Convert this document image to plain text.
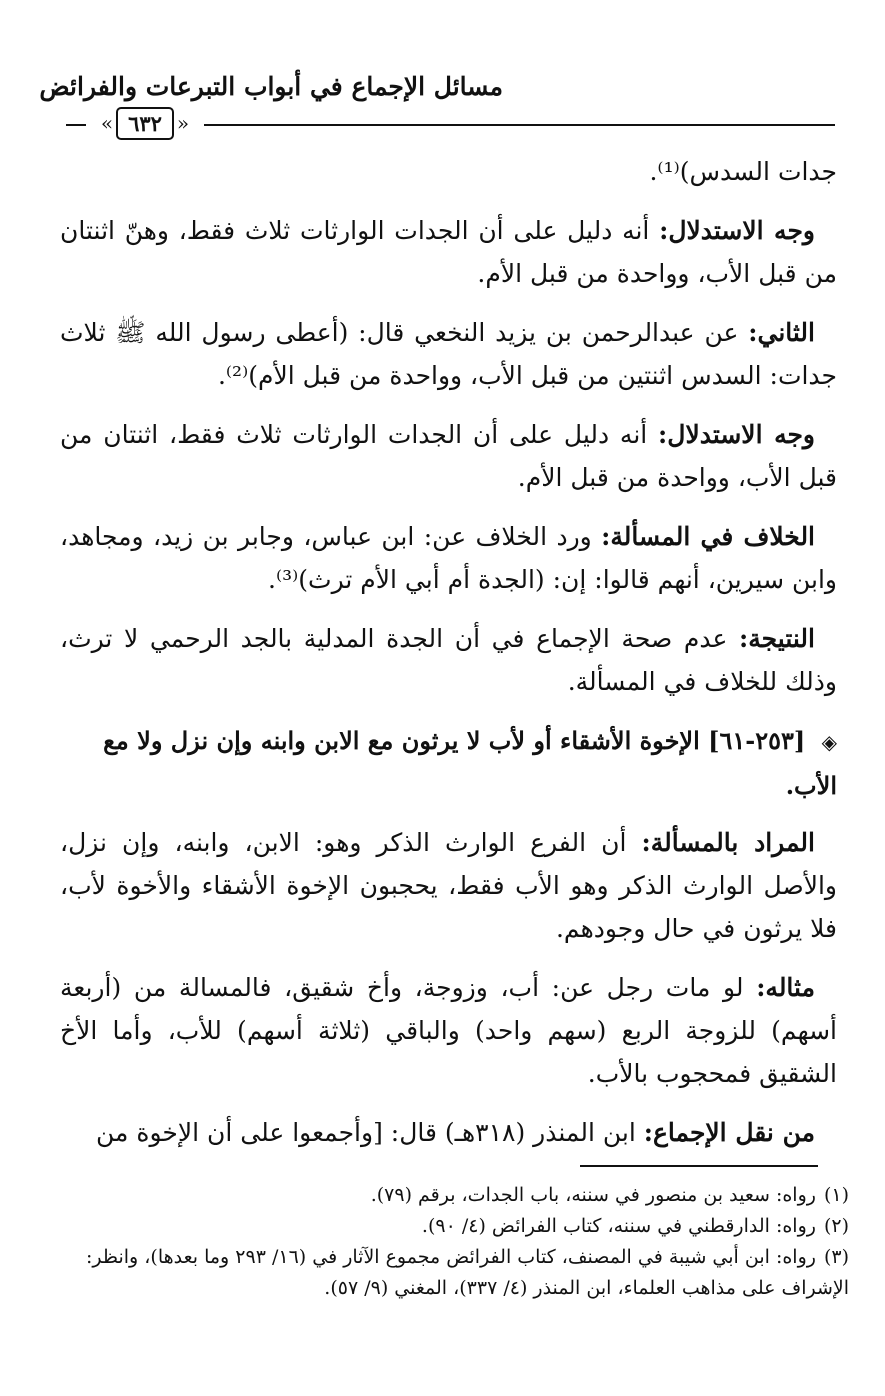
مسائل الإجماع في أبواب التبرعات والفرائض
« ٦٣٢ »

جدات السدس)⁽¹⁾.

وجه الاستدلال: أنه دليل على أن الجدات الوارثات ثلاث فقط، وهنّ اثنتان من قبل الأب، وواحدة من قبل الأم.

الثاني: عن عبدالرحمن بن يزيد النخعي قال: (أعطى رسول الله ﷺ ثلاث جدات: السدس اثنتين من قبل الأب، وواحدة من قبل الأم)⁽²⁾.

وجه الاستدلال: أنه دليل على أن الجدات الوارثات ثلاث فقط، اثنتان من قبل الأب، وواحدة من قبل الأم.

الخلاف في المسألة: ورد الخلاف عن: ابن عباس، وجابر بن زيد، ومجاهد، وابن سيرين، أنهم قالوا: إن: (الجدة أم أبي الأم ترث)⁽³⁾.

النتيجة: عدم صحة الإجماع في أن الجدة المدلية بالجد الرحمي لا ترث، وذلك للخلاف في المسألة.

◈ [٢٥٣-٦١] الإخوة الأشقاء أو لأب لا يرثون مع الابن وابنه وإن نزل ولا مع الأب.

المراد بالمسألة: أن الفرع الوارث الذكر وهو: الابن، وابنه، وإن نزل، والأصل الوارث الذكر وهو الأب فقط، يحجبون الإخوة الأشقاء والأخوة لأب، فلا يرثون في حال وجودهم.

مثاله: لو مات رجل عن: أب، وزوجة، وأخ شقيق، فالمسالة من (أربعة أسهم) للزوجة الربع (سهم واحد) والباقي (ثلاثة أسهم) للأب، وأما الأخ الشقيق فمحجوب بالأب.

من نقل الإجماع: ابن المنذر (٣١٨هـ) قال: [وأجمعوا على أن الإخوة من

(١)رواه: سعيد بن منصور في سننه، باب الجدات، برقم (٧٩).
(٢)رواه: الدارقطني في سننه، كتاب الفرائض (٤/ ٩٠).
(٣)رواه: ابن أبي شيبة في المصنف، كتاب الفرائض مجموع الآثار في (١٦/ ٢٩٣ وما بعدها)، وانظر: الإشراف على مذاهب العلماء، ابن المنذر (٤/ ٣٣٧)، المغني (٩/ ٥٧).
